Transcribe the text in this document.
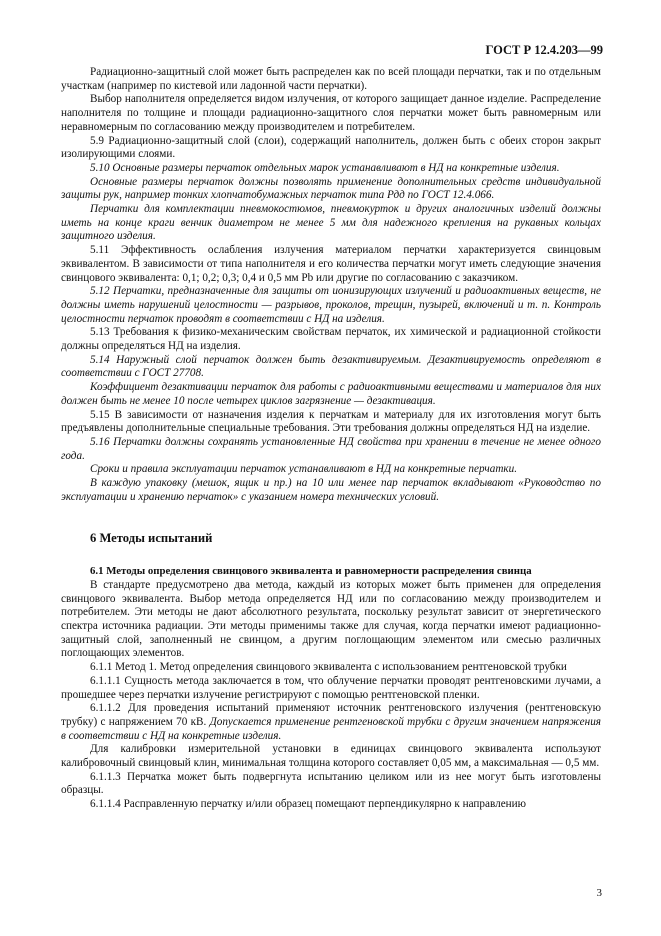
ГОСТ Р 12.4.203—99

Радиационно-защитный слой может быть распределен как по всей площади перчатки, так и по отдельным участкам (например по кистевой или ладонной части перчатки).

Выбор наполнителя определяется видом излучения, от которого защищает данное изделие. Распределение наполнителя по толщине и площади радиационно-защитного слоя перчатки может быть равномерным или неравномерным по согласованию между производителем и потребителем.

5.9 Радиационно-защитный слой (слои), содержащий наполнитель, должен быть с обеих сторон закрыт изолирующими слоями.

5.10 Основные размеры перчаток отдельных марок устанавливают в НД на конкретные изделия.

Основные размеры перчаток должны позволять применение дополнительных средств индивидуальной защиты рук, например тонких хлопчатобумажных перчаток типа Рдд по ГОСТ 12.4.066.

Перчатки для комплектации пневмокостюмов, пневмокурток и других аналогичных изделий должны иметь на конце краги венчик диаметром не менее 5 мм для надежного крепления на рукавных кольцах защитного изделия.

5.11 Эффективность ослабления излучения материалом перчатки характеризуется свинцовым эквивалентом. В зависимости от типа наполнителя и его количества перчатки могут иметь следующие значения свинцового эквивалента: 0,1; 0,2; 0,3; 0,4 и 0,5 мм Pb или другие по согласованию с заказчиком.

5.12 Перчатки, предназначенные для защиты от ионизирующих излучений и радиоактивных веществ, не должны иметь нарушений целостности — разрывов, проколов, трещин, пузырей, включений и т. п. Контроль целостности перчаток проводят в соответствии с НД на изделия.

5.13 Требования к физико-механическим свойствам перчаток, их химической и радиационной стойкости должны определяться НД на изделия.

5.14 Наружный слой перчаток должен быть дезактивируемым. Дезактивируемость определяют в соответствии с ГОСТ 27708.

Коэффициент дезактивации перчаток для работы с радиоактивными веществами и материалов для них должен быть не менее 10 после четырех циклов загрязнение — дезактивация.

5.15 В зависимости от назначения изделия к перчаткам и материалу для их изготовления могут быть предъявлены дополнительные специальные требования. Эти требования должны определяться НД на изделие.

5.16 Перчатки должны сохранять установленные НД свойства при хранении в течение не менее одного года.

Сроки и правила эксплуатации перчаток устанавливают в НД на конкретные перчатки.

В каждую упаковку (мешок, ящик и пр.) на 10 или менее пар перчаток вкладывают «Руководство по эксплуатации и хранению перчаток» с указанием номера технических условий.

6 Методы испытаний

6.1 Методы определения свинцового эквивалента и равномерности распределения свинца

В стандарте предусмотрено два метода, каждый из которых может быть применен для определения свинцового эквивалента. Выбор метода определяется НД или по согласованию между производителем и потребителем. Эти методы не дают абсолютного результата, поскольку результат зависит от энергетического спектра источника радиации. Эти методы применимы также для случая, когда перчатки имеют радиационно-защитный слой, заполненный не свинцом, а другим поглощающим элементом или смесью различных поглощающих элементов.

6.1.1 Метод 1. Метод определения свинцового эквивалента с использованием рентгеновской трубки

6.1.1.1 Сущность метода заключается в том, что облучение перчатки проводят рентгеновскими лучами, а прошедшее через перчатки излучение регистрируют с помощью рентгеновской пленки.

6.1.1.2 Для проведения испытаний применяют источник рентгеновского излучения (рентгеновскую трубку) с напряжением 70 кВ. Допускается применение рентгеновской трубки с другим значением напряжения в соответствии с НД на конкретные изделия.

Для калибровки измерительной установки в единицах свинцового эквивалента используют калибровочный свинцовый клин, минимальная толщина которого составляет 0,05 мм, а максимальная — 0,5 мм.

6.1.1.3 Перчатка может быть подвергнута испытанию целиком или из нее могут быть изготовлены образцы.

6.1.1.4 Расправленную перчатку и/или образец помещают перпендикулярно к направлению

3
